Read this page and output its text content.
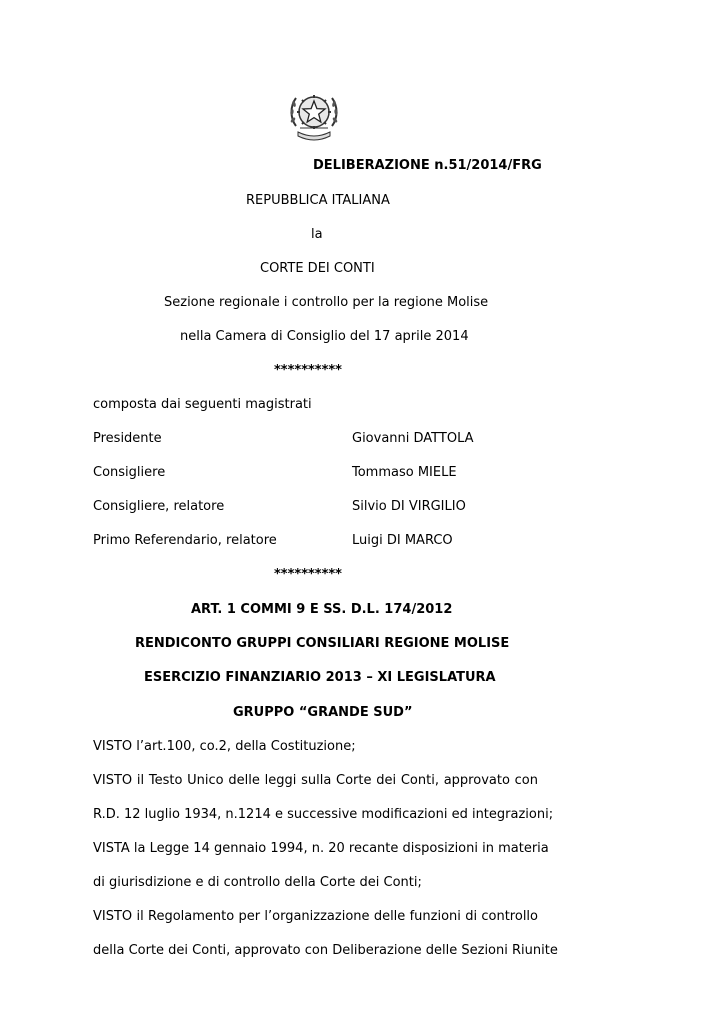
DELIBERAZIONE n.51/2014/FRG
REPUBBLICA ITALIANA
la
CORTE DEI CONTI
Sezione regionale i controllo per la regione Molise
nella Camera di Consiglio del 17 aprile 2014
**********
composta dai seguenti magistrati
Presidente	Giovanni DATTOLA
Consigliere	Tommaso MIELE
Consigliere, relatore	Silvio DI VIRGILIO
Primo Referendario, relatore	Luigi DI MARCO
**********
ART. 1 COMMI 9 E SS. D.L. 174/2012
RENDICONTO GRUPPI CONSILIARI REGIONE MOLISE
ESERCIZIO FINANZIARIO 2013 – XI LEGISLATURA
GRUPPO “GRANDE SUD”
VISTO l’art.100, co.2, della Costituzione;
VISTO il Testo Unico delle leggi sulla Corte dei Conti, approvato con
R.D. 12 luglio 1934, n.1214 e successive modificazioni ed integrazioni;
VISTA la Legge 14 gennaio 1994, n. 20 recante disposizioni in materia
di giurisdizione e di controllo della Corte dei Conti;
VISTO il Regolamento per l’organizzazione delle funzioni di controllo
della Corte dei Conti, approvato con Deliberazione delle Sezioni Riunite
